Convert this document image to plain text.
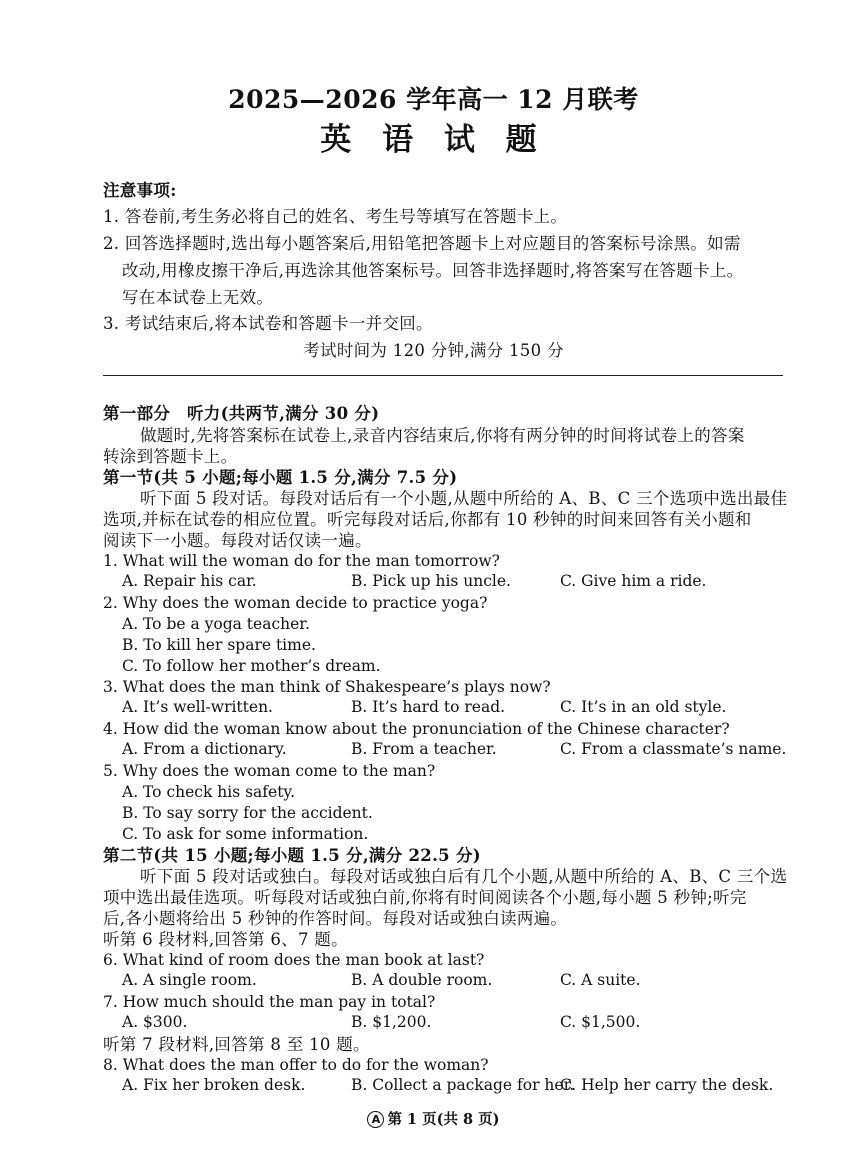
2025—2026 学年高一 12 月联考
英 语 试 题
注意事项:
1. 答卷前,考生务必将自己的姓名、考生号等填写在答题卡上。
2. 回答选择题时,选出每小题答案后,用铅笔把答题卡上对应题目的答案标号涂黑。如需
改动,用橡皮擦干净后,再选涂其他答案标号。回答非选择题时,将答案写在答题卡上。
写在本试卷上无效。
3. 考试结束后,将本试卷和答题卡一并交回。
考试时间为 120 分钟,满分 150 分
第一部分　听力(共两节,满分 30 分)
做题时,先将答案标在试卷上,录音内容结束后,你将有两分钟的时间将试卷上的答案
转涂到答题卡上。
第一节(共 5 小题;每小题 1.5 分,满分 7.5 分)
听下面 5 段对话。每段对话后有一个小题,从题中所给的 A、B、C 三个选项中选出最佳
选项,并标在试卷的相应位置。听完每段对话后,你都有 10 秒钟的时间来回答有关小题和
阅读下一小题。每段对话仅读一遍。
1. What will the woman do for the man tomorrow?
A. Repair his car.	B. Pick up his uncle.	C. Give him a ride.
2. Why does the woman decide to practice yoga?
A. To be a yoga teacher.
B. To kill her spare time.
C. To follow her mother’s dream.
3. What does the man think of Shakespeare’s plays now?
A. It’s well-written.	B. It’s hard to read.	C. It’s in an old style.
4. How did the woman know about the pronunciation of the Chinese character?
A. From a dictionary.	B. From a teacher.	C. From a classmate’s name.
5. Why does the woman come to the man?
A. To check his safety.
B. To say sorry for the accident.
C. To ask for some information.
第二节(共 15 小题;每小题 1.5 分,满分 22.5 分)
听下面 5 段对话或独白。每段对话或独白后有几个小题,从题中所给的 A、B、C 三个选
项中选出最佳选项。听每段对话或独白前,你将有时间阅读各个小题,每小题 5 秒钟;听完
后,各小题将给出 5 秒钟的作答时间。每段对话或独白读两遍。
听第 6 段材料,回答第 6、7 题。
6. What kind of room does the man book at last?
A. A single room.	B. A double room.	C. A suite.
7. How much should the man pay in total?
A. $300.	B. $1,200.	C. $1,500.
听第 7 段材料,回答第 8 至 10 题。
8. What does the man offer to do for the woman?
A. Fix her broken desk.	B. Collect a package for her.
C. Help her carry the desk.
A 第 1 页(共 8 页)
